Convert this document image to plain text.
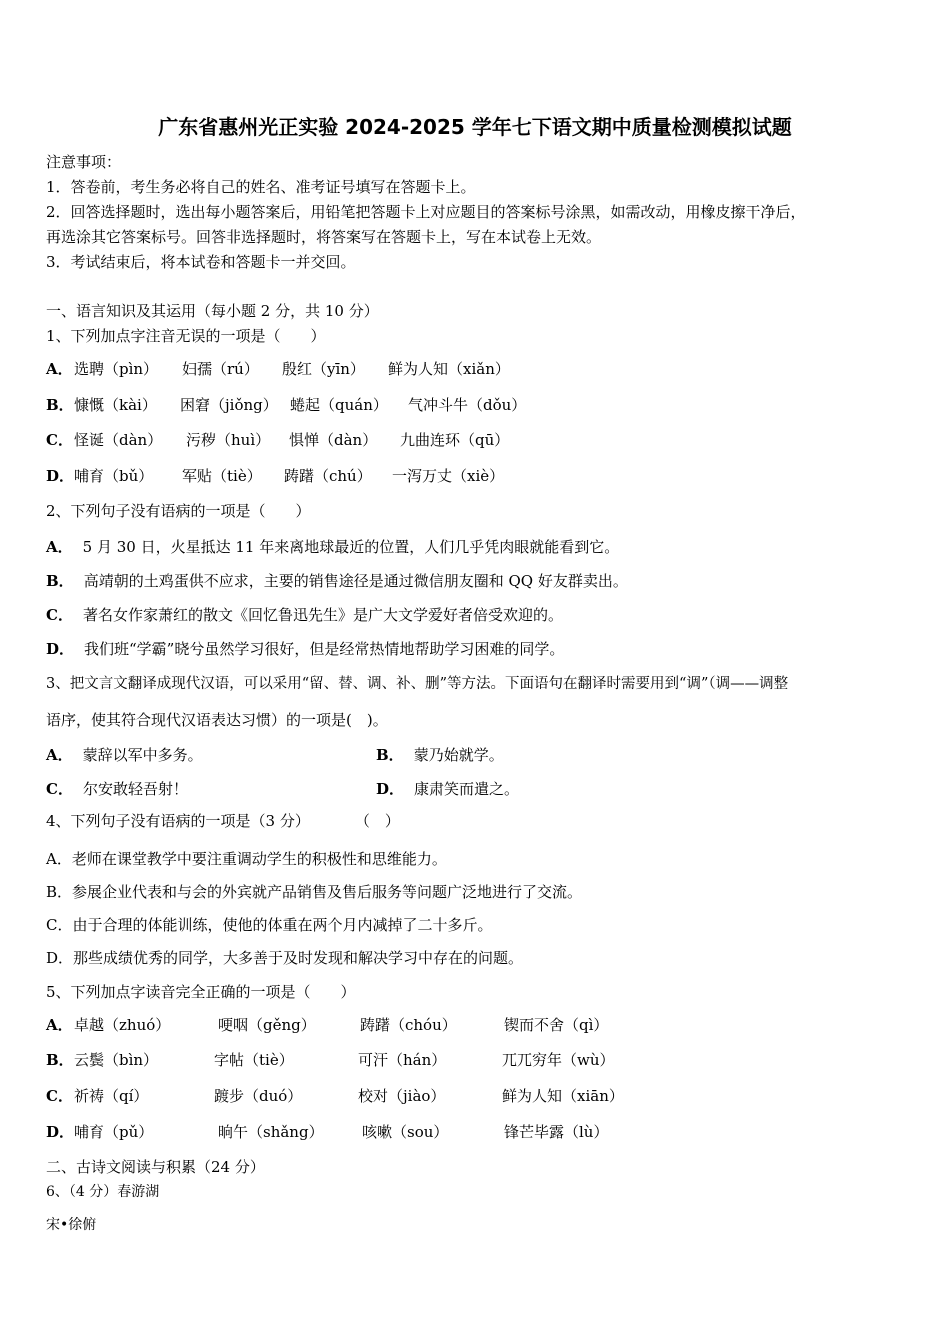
广东省惠州光正实验 2024-2025 学年七下语文期中质量检测模拟试题
注意事项：
1．答卷前，考生务必将自己的姓名、准考证号填写在答题卡上。
2．回答选择题时，选出每小题答案后，用铅笔把答题卡上对应题目的答案标号涂黑，如需改动，用橡皮擦干净后，
再选涂其它答案标号。回答非选择题时，将答案写在答题卡上，写在本试卷上无效。
3．考试结束后，将本试卷和答题卡一并交回。
一、语言知识及其运用（每小题 2 分，共 10 分）
1、下列加点字注音无误的一项是（　　）
A． 选聘（pìn） 妇孺（rú） 殷红（yīn） 鲜为人知（xiǎn）
B． 慷慨（kài） 困窘（jiǒng） 蜷起（quán） 气冲斗牛（dǒu）
C． 怪诞（dàn） 污秽（huì） 惧惮（dàn） 九曲连环（qū）
D． 哺育（bǔ） 军贴（tiè） 踌躇（chú） 一泻万丈（xiè）
2、下列句子没有语病的一项是（　　）
A． 5 月 30 日，火星抵达 11 年来离地球最近的位置，人们几乎凭肉眼就能看到它。
B． 高靖朝的土鸡蛋供不应求，主要的销售途径是通过微信朋友圈和 QQ 好友群卖出。
C． 著名女作家萧红的散文《回忆鲁迅先生》是广大文学爱好者倍受欢迎的。
D． 我们班“学霸”晓兮虽然学习很好，但是经常热情地帮助学习困难的同学。
3、把文言文翻译成现代汉语，可以采用“留、替、调、补、删”等方法。下面语句在翻译时需要用到“调”（调——调整
语序，使其符合现代汉语表达习惯）的一项是(　)。
A． 蒙辞以军中多务。	B． 蒙乃始就学。
C． 尔安敢轻吾射！	D． 康肃笑而遣之。
4、下列句子没有语病的一项是（3 分）　　　　（　）
A．老师在课堂教学中要注重调动学生的积极性和思维能力。
B．参展企业代表和与会的外宾就产品销售及售后服务等问题广泛地进行了交流。
C．由于合理的体能训练，使他的体重在两个月内减掉了二十多斤。
D．那些成绩优秀的同学，大多善于及时发现和解决学习中存在的问题。
5、下列加点字读音完全正确的一项是（　　）
A． 卓越（zhuó）	哽咽（gěng）	踌躇（chóu）	锲而不舍（qì）
B． 云鬓（bìn）	字帖（tiè）	可汗（hán）	兀兀穷年（wù）
C． 祈祷（qí）	踱步（duó）	校对（jiào）	鲜为人知（xiān）
D． 哺育（pǔ）	晌午（shǎng）	咳嗽（sou）	锋芒毕露（lù）
二、古诗文阅读与积累（24 分）
6、（4 分）春游湖
宋•徐俯
